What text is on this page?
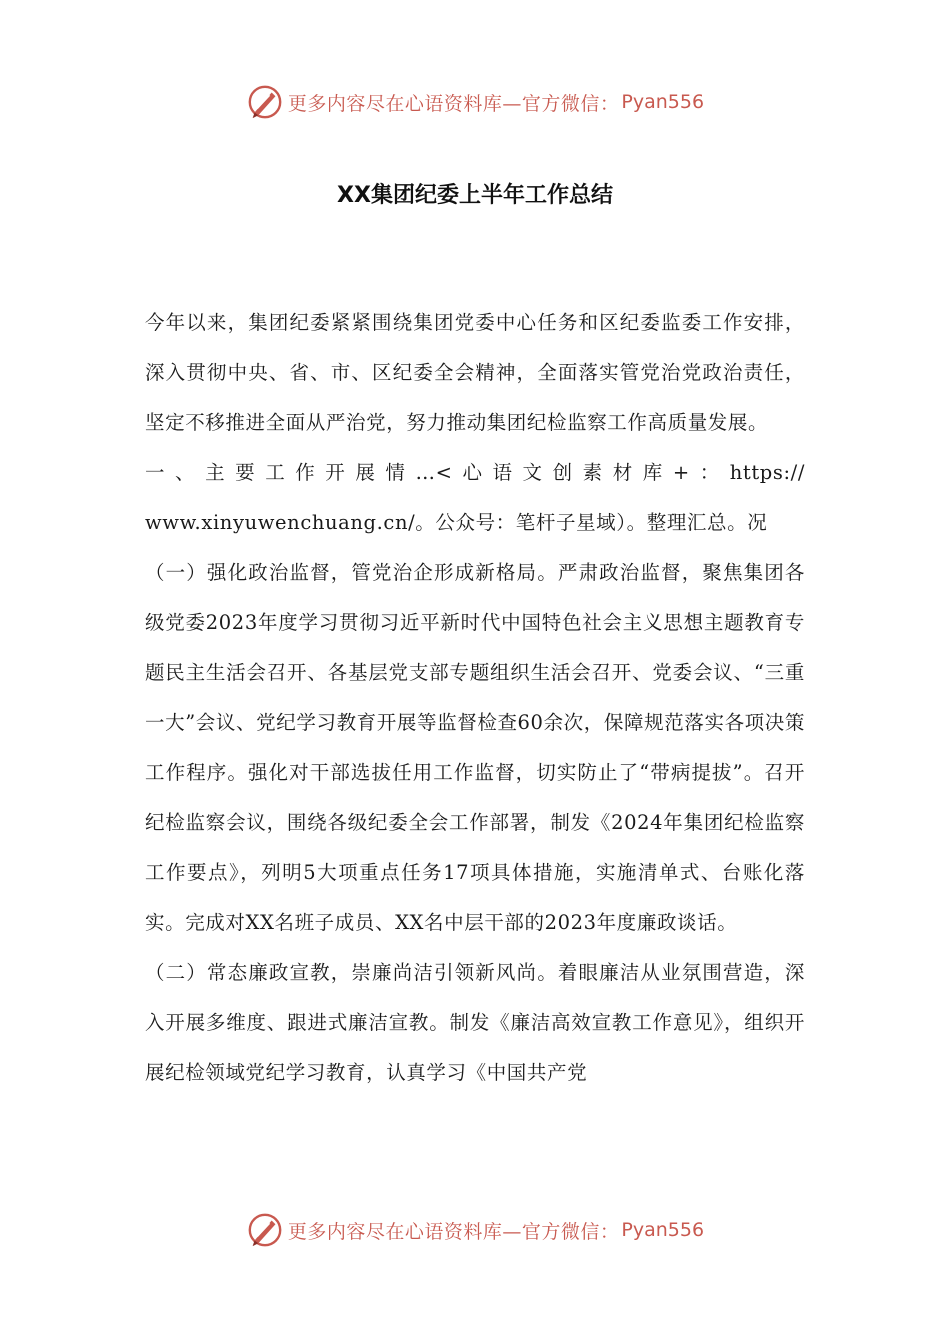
更多内容尽在心语资料库—官方微信： Pyan556
XX集团纪委上半年工作总结

今年以来，集团纪委紧紧围绕集团党委中心任务和区纪委监委工作安排，深入贯彻中央、省、市、区纪委全会精神，全面落实管党治党政治责任，坚定不移推进全面从严治党，努力推动集团纪检监察工作高质量发展。

一、主要工作开展情…<心语文创素材库+：https://

www.xinyuwenchuang.cn/。公众号：笔杆子星域）。整理汇总。况

（一）强化政治监督，管党治企形成新格局。严肃政治监督，聚焦集团各级党委2023年度学习贯彻习近平新时代中国特色社会主义思想主题教育专题民主生活会召开、各基层党支部专题组织生活会召开、党委会议、“三重一大”会议、党纪学习教育开展等监督检查60余次，保障规范落实各项决策工作程序。强化对干部选拔任用工作监督，切实防止了“带病提拔”。召开纪检监察会议，围绕各级纪委全会工作部署，制发《2024年集团纪检监察工作要点》，列明5大项重点任务17项具体措施，实施清单式、台账化落实。完成对XX名班子成员、XX名中层干部的2023年度廉政谈话。

（二）常态廉政宣教，崇廉尚洁引领新风尚。着眼廉洁从业氛围营造，深入开展多维度、跟进式廉洁宣教。制发《廉洁高效宣教工作意见》，组织开展纪检领域党纪学习教育，认真学习《中国共产党

更多内容尽在心语资料库—官方微信： Pyan556
